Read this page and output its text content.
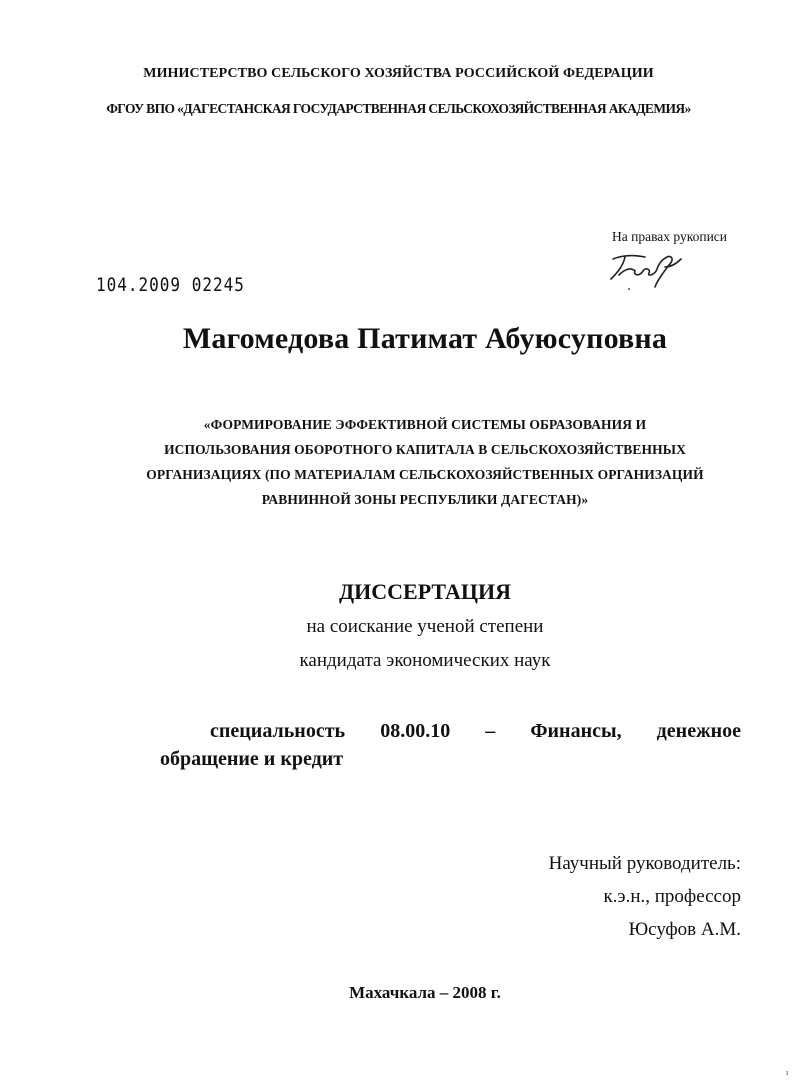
МИНИСТЕРСТВО СЕЛЬСКОГО ХОЗЯЙСТВА РОССИЙСКОЙ ФЕДЕРАЦИИ
ФГОУ ВПО «ДАГЕСТАНСКАЯ ГОСУДАРСТВЕННАЯ СЕЛЬСКОХОЗЯЙСТВЕННАЯ АКАДЕМИЯ»
На правах рукописи
104.2009 02245
Магомедова Патимат Абуюсуповна
«ФОРМИРОВАНИЕ ЭФФЕКТИВНОЙ СИСТЕМЫ ОБРАЗОВАНИЯ И
ИСПОЛЬЗОВАНИЯ ОБОРОТНОГО КАПИТАЛА В СЕЛЬСКОХОЗЯЙСТВЕННЫХ
ОРГАНИЗАЦИЯХ (ПО МАТЕРИАЛАМ СЕЛЬСКОХОЗЯЙСТВЕННЫХ ОРГАНИЗАЦИЙ
РАВНИННОЙ ЗОНЫ РЕСПУБЛИКИ ДАГЕСТАН)»
ДИССЕРТАЦИЯ
на соискание ученой степени
кандидата экономических наук
специальность 08.00.10 – Финансы, денежное
обращение и кредит
Научный руководитель:
к.э.н., профессор
Юсуфов А.М.
Махачкала – 2008 г.
ı
